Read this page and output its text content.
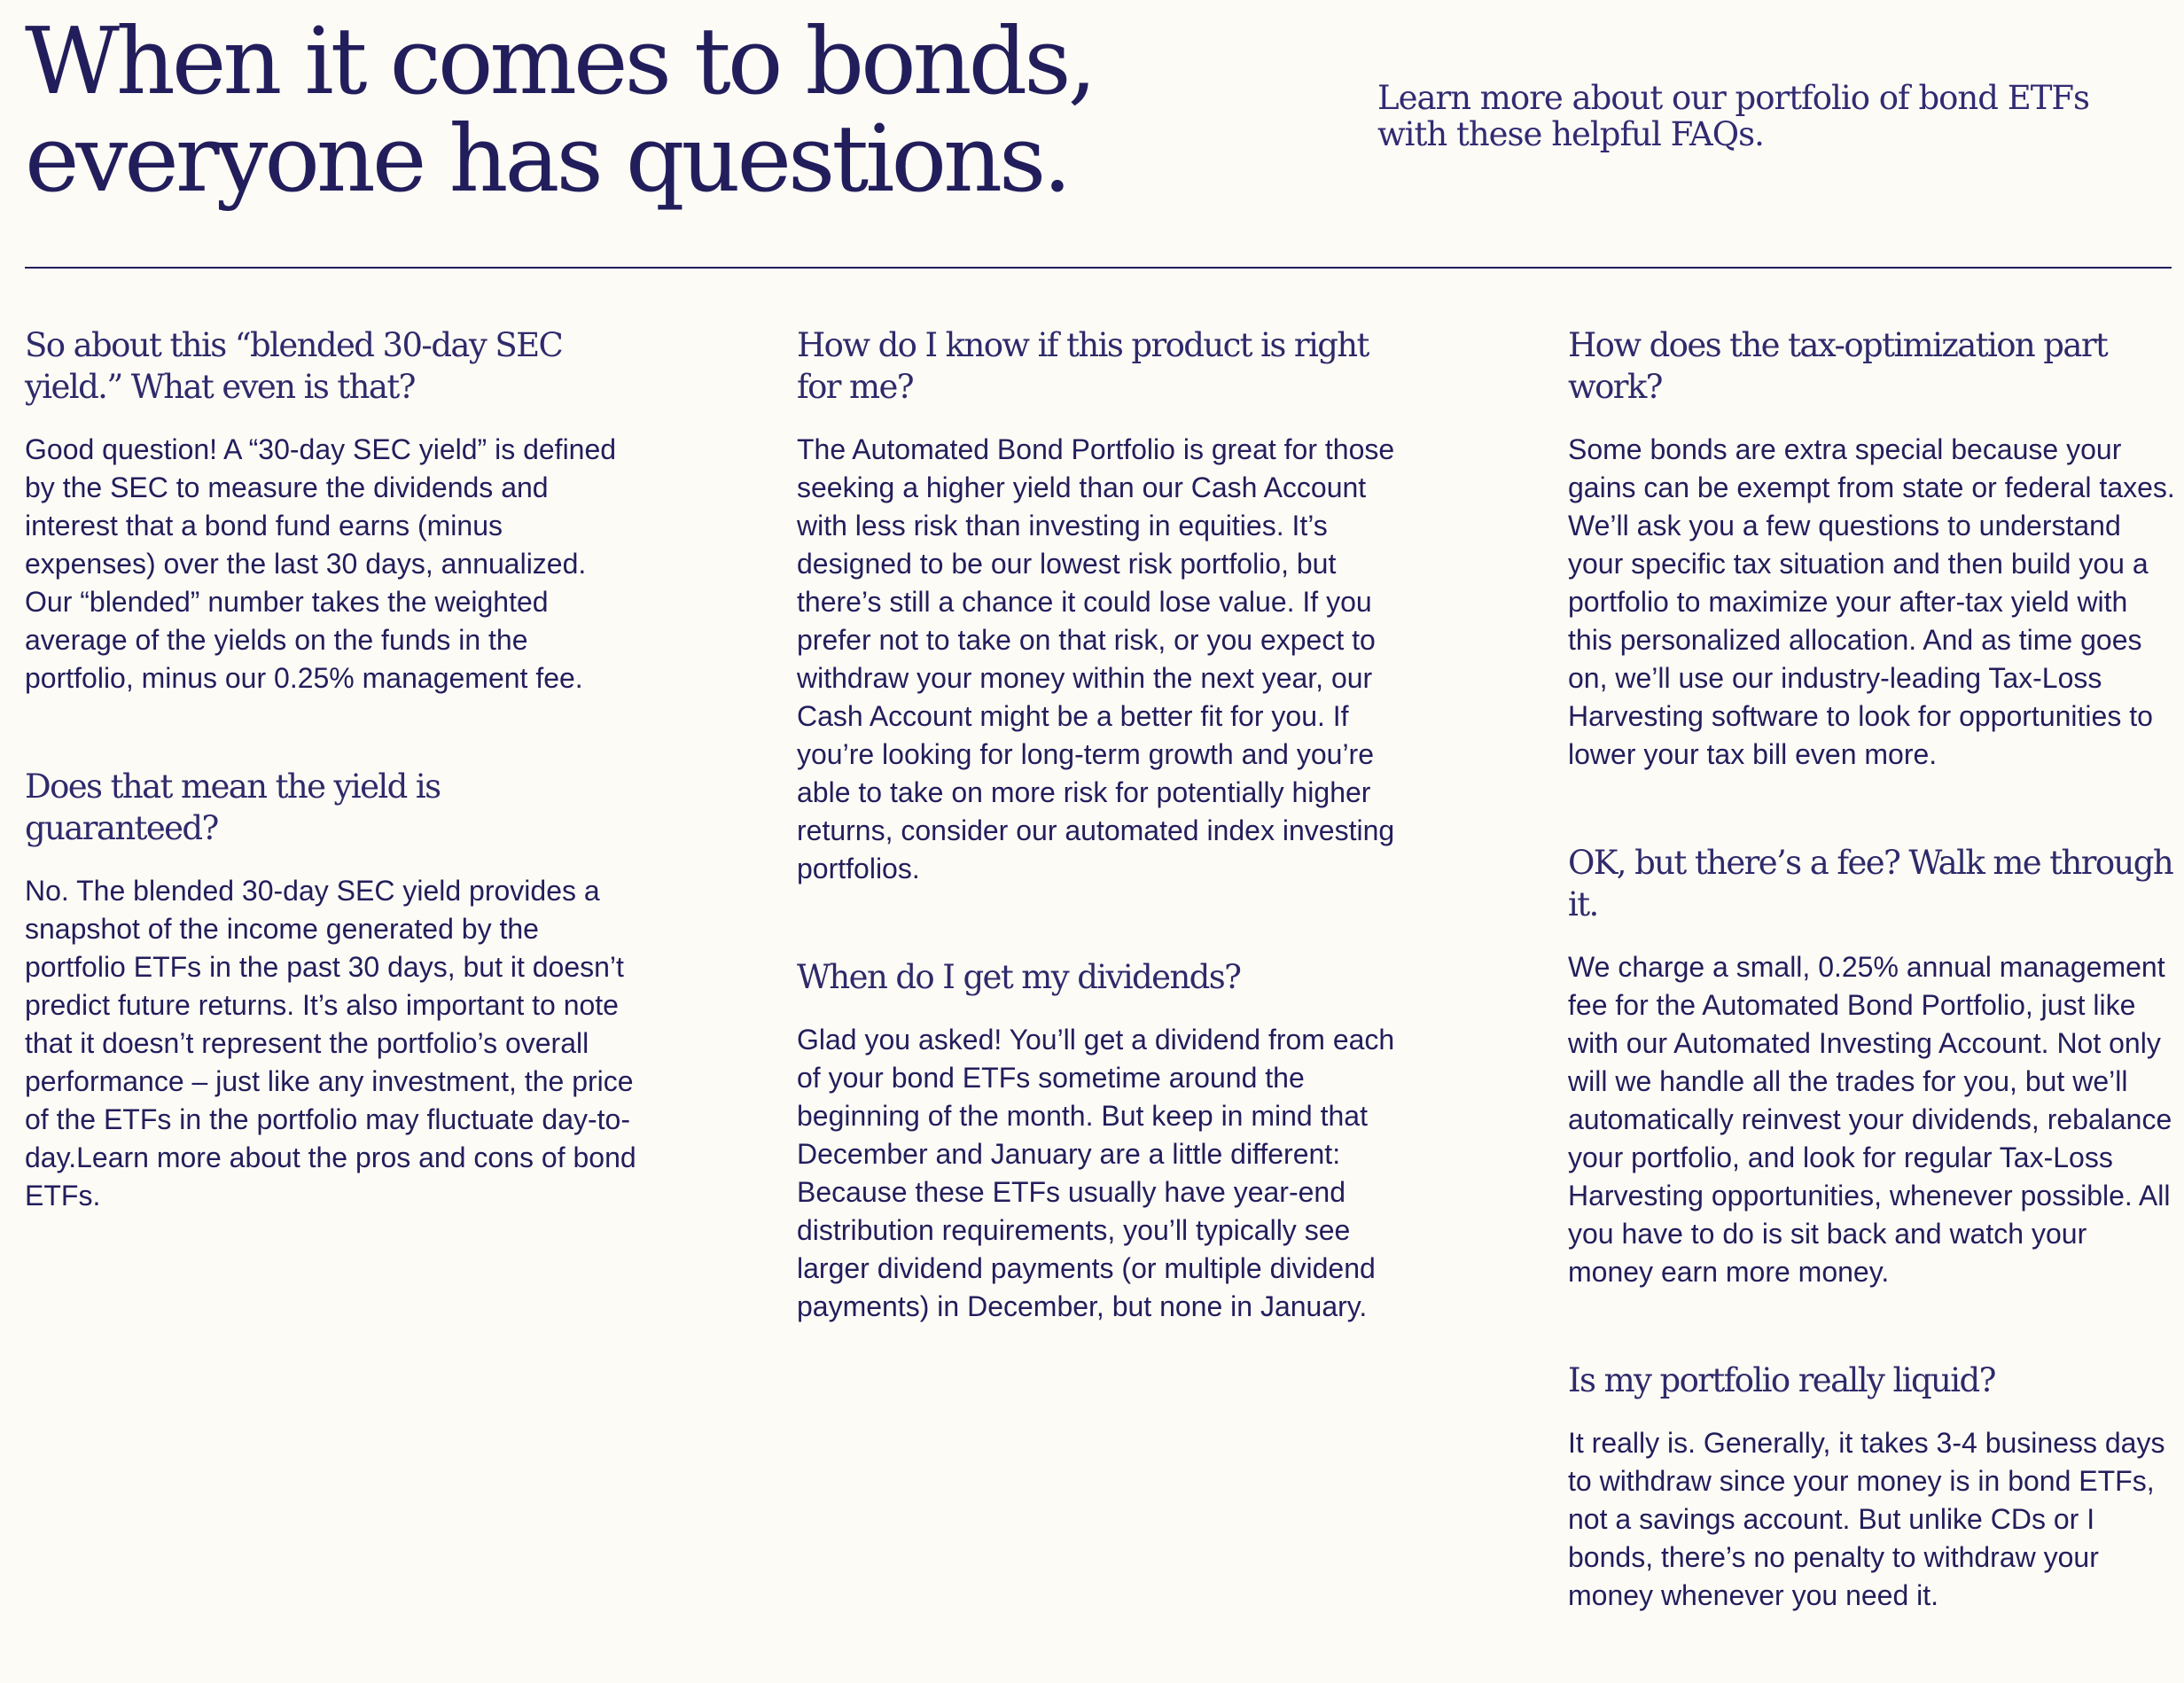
When it comes to bonds,
everyone has questions.

Learn more about our portfolio of bond ETFs with these helpful FAQs.

So about this “blended 30-day SEC yield.” What even is that?

Good question! A “30-day SEC yield” is defined by the SEC to measure the dividends and interest that a bond fund earns (minus expenses) over the last 30 days, annualized. Our “blended” number takes the weighted average of the yields on the funds in the portfolio, minus our 0.25% management fee.

Does that mean the yield is guaranteed?

No. The blended 30-day SEC yield provides a snapshot of the income generated by the portfolio ETFs in the past 30 days, but it doesn’t predict future returns. It’s also important to note that it doesn’t represent the portfolio’s overall performance – just like any investment, the price of the ETFs in the portfolio may fluctuate day-to-day.Learn more about the pros and cons of bond ETFs.

How do I know if this product is right for me?

The Automated Bond Portfolio is great for those seeking a higher yield than our Cash Account with less risk than investing in equities. It’s designed to be our lowest risk portfolio, but there’s still a chance it could lose value. If you prefer not to take on that risk, or you expect to withdraw your money within the next year, our Cash Account might be a better fit for you. If you’re looking for long-term growth and you’re able to take on more risk for potentially higher returns, consider our automated index investing portfolios.

When do I get my dividends?

Glad you asked! You’ll get a dividend from each of your bond ETFs sometime around the beginning of the month. But keep in mind that December and January are a little different: Because these ETFs usually have year-end distribution requirements, you’ll typically see larger dividend payments (or multiple dividend payments) in December, but none in January.

How does the tax-optimization part work?

Some bonds are extra special because your gains can be exempt from state or federal taxes. We’ll ask you a few questions to understand your specific tax situation and then build you a portfolio to maximize your after-tax yield with this personalized allocation. And as time goes on, we’ll use our industry-leading Tax-Loss Harvesting software to look for opportunities to lower your tax bill even more.

OK, but there’s a fee? Walk me through it.

We charge a small, 0.25% annual management fee for the Automated Bond Portfolio, just like with our Automated Investing Account. Not only will we handle all the trades for you, but we’ll automatically reinvest your dividends, rebalance your portfolio, and look for regular Tax-Loss Harvesting opportunities, whenever possible. All you have to do is sit back and watch your money earn more money.

Is my portfolio really liquid?

It really is. Generally, it takes 3-4 business days to withdraw since your money is in bond ETFs, not a savings account. But unlike CDs or I bonds, there’s no penalty to withdraw your money whenever you need it.
